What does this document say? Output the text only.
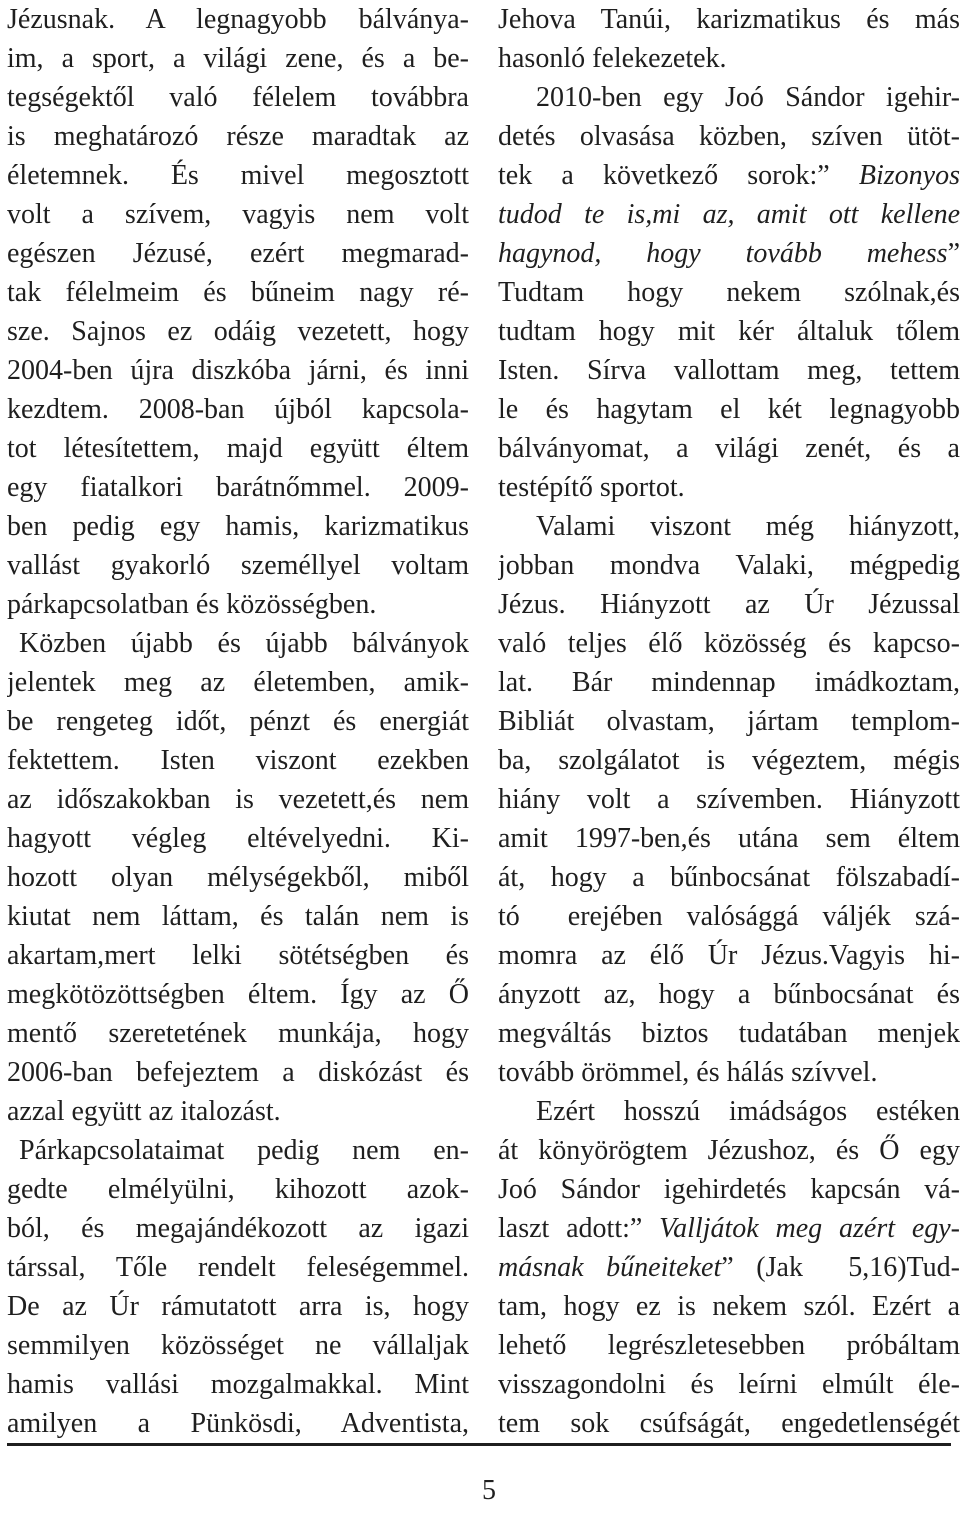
Jézusnak. A legnagyobb bálványa-
im, a sport, a világi zene, és a be-
tegségektől való félelem továbbra
is meghatározó része maradtak az
életemnek. És mivel megosztott
volt a szívem, vagyis nem volt
egészen Jézusé, ezért megmarad-
tak félelmeim és bűneim nagy ré-
sze. Sajnos ez odáig vezetett, hogy
2004-ben újra diszkóba járni, és inni
kezdtem. 2008-ban újból kapcsola-
tot létesítettem, majd együtt éltem
egy fiatalkori barátnőmmel. 2009-
ben pedig egy hamis, karizmatikus
vallást gyakorló személlyel voltam
párkapcsolatban és közösségben.
Közben újabb és újabb bálványok
jelentek meg az életemben, amik-
be rengeteg időt, pénzt és energiát
fektettem. Isten viszont ezekben
az időszakokban is vezetett,és nem
hagyott végleg eltévelyedni. Ki-
hozott olyan mélységekből, miből
kiutat nem láttam, és talán nem is
akartam,mert lelki sötétségben és
megkötözöttségben éltem. Így az Ő
mentő szeretetének munkája, hogy
2006-ban befejeztem a diskózást és
azzal együtt az italozást.
Párkapcsolataimat pedig nem en-
gedte elmélyülni, kihozott azok-
ból, és megajándékozott az igazi
társsal, Tőle rendelt feleségemmel.
De az Úr rámutatott arra is, hogy
semmilyen közösséget ne vállaljak
hamis vallási mozgalmakkal. Mint
amilyen a Pünkösdi, Adventista,
Jehova Tanúi, karizmatikus és más
hasonló felekezetek.
2010-ben egy Joó Sándor igehir-
detés olvasása közben, szíven ütöt-
tek a következő sorok:” Bizonyos
tudod te is,mi az, amit ott kellene
hagynod, hogy tovább mehess”
Tudtam hogy nekem szólnak,és
tudtam hogy mit kér általuk tőlem
Isten. Sírva vallottam meg, tettem
le és hagytam el két legnagyobb
bálványomat, a világi zenét, és a
testépítő sportot.
Valami viszont még hiányzott,
jobban mondva Valaki, mégpedig
Jézus. Hiányzott az Úr Jézussal
való teljes élő közösség és kapcso-
lat. Bár mindennap imádkoztam,
Bibliát olvastam, jártam templom-
ba, szolgálatot is végeztem, mégis
hiány volt a szívemben. Hiányzott
amit 1997-ben,és utána sem éltem
át, hogy a bűnbocsánat fölszabadí-
tó  erejében valósággá váljék szá-
momra az élő Úr Jézus.Vagyis hi-
ányzott az, hogy a bűnbocsánat és
megváltás biztos tudatában menjek
tovább örömmel, és hálás szívvel.
Ezért hosszú imádságos estéken
át könyörögtem Jézushoz, és Ő egy
Joó Sándor igehirdetés kapcsán vá-
laszt adott:” Valljátok meg azért egy-
másnak bűneiteket” (Jak  5,16)Tud-
tam, hogy ez is nekem szól. Ezért a
lehető legrészletesebben próbáltam
visszagondolni és leírni elmúlt éle-
tem sok csúfságát, engedetlenségét
5
